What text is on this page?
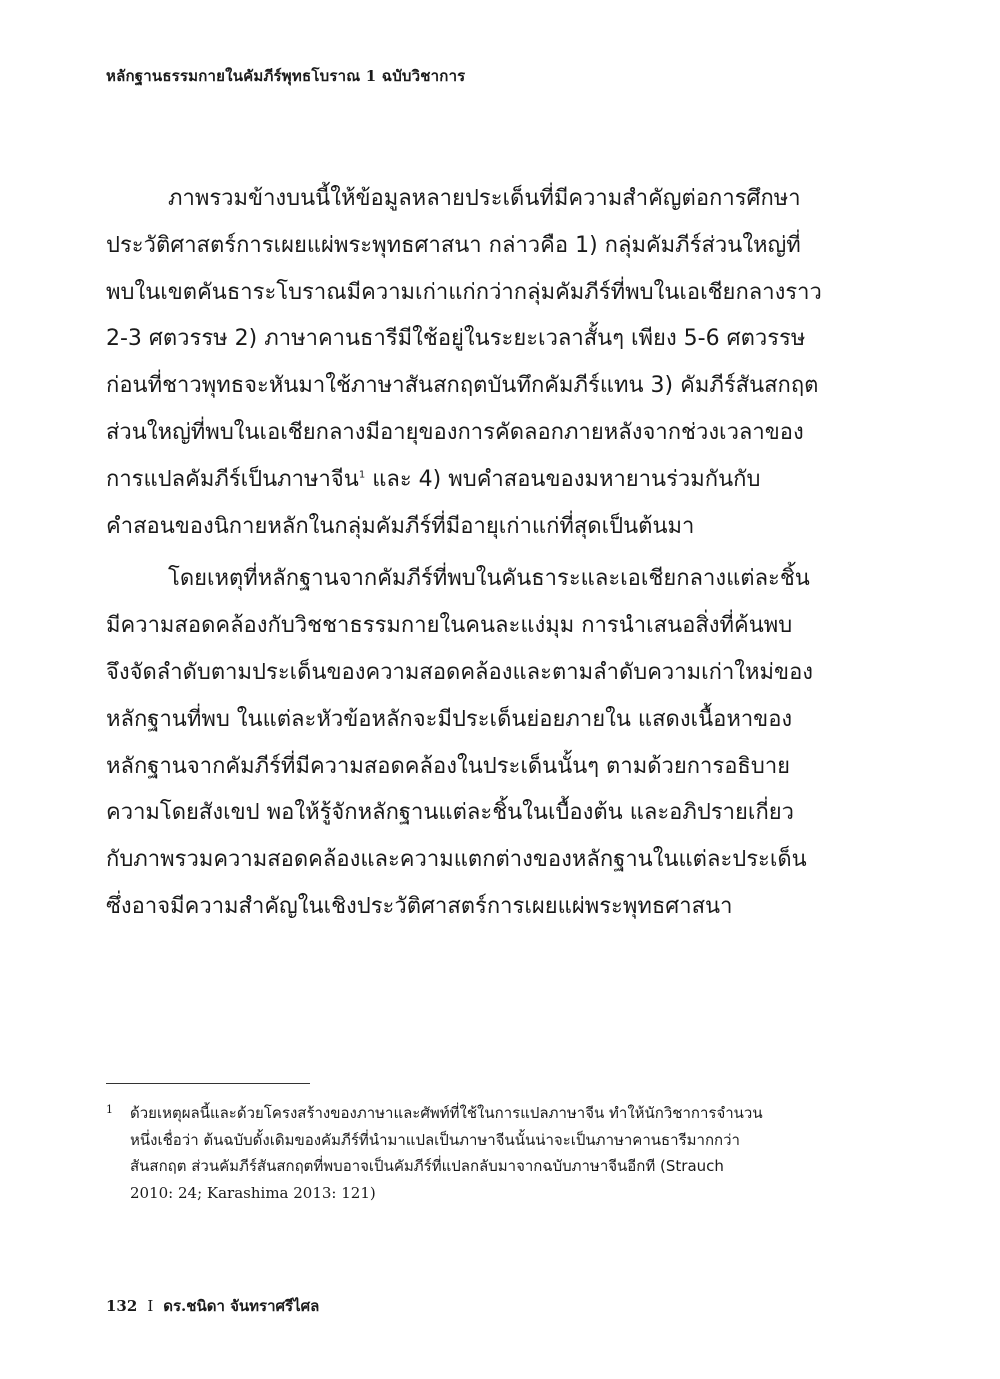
หลักฐานธรรมกายในคัมภีร์พุทธโบราณ 1 ฉบับวิชาการ
ภาพรวมข้างบนนี้ให้ข้อมูลหลายประเด็นที่มีความสำคัญต่อการศึกษา
ประวัติศาสตร์การเผยแผ่พระพุทธศาสนา กล่าวคือ 1) กลุ่มคัมภีร์ส่วนใหญ่ที่
พบในเขตคันธาระโบราณมีความเก่าแก่กว่ากลุ่มคัมภีร์ที่พบในเอเชียกลางราว
2-3 ศตวรรษ 2) ภาษาคานธารีมีใช้อยู่ในระยะเวลาสั้นๆ เพียง 5-6 ศตวรรษ
ก่อนที่ชาวพุทธจะหันมาใช้ภาษาสันสกฤตบันทึกคัมภีร์แทน 3) คัมภีร์สันสกฤต
ส่วนใหญ่ที่พบในเอเชียกลางมีอายุของการคัดลอกภายหลังจากช่วงเวลาของ
การแปลคัมภีร์เป็นภาษาจีน$^1$ และ 4) พบคำสอนของมหายานร่วมกันกับ
คำสอนของนิกายหลักในกลุ่มคัมภีร์ที่มีอายุเก่าแก่ที่สุดเป็นต้นมา
โดยเหตุที่หลักฐานจากคัมภีร์ที่พบในคันธาระและเอเชียกลางแต่ละชิ้น
มีความสอดคล้องกับวิชชาธรรมกายในคนละแง่มุม การนำเสนอสิ่งที่ค้นพบ
จึงจัดลำดับตามประเด็นของความสอดคล้องและตามลำดับความเก่าใหม่ของ
หลักฐานที่พบ ในแต่ละหัวข้อหลักจะมีประเด็นย่อยภายใน แสดงเนื้อหาของ
หลักฐานจากคัมภีร์ที่มีความสอดคล้องในประเด็นนั้นๆ ตามด้วยการอธิบาย
ความโดยสังเขป พอให้รู้จักหลักฐานแต่ละชิ้นในเบื้องต้น และอภิปรายเกี่ยว
กับภาพรวมความสอดคล้องและความแตกต่างของหลักฐานในแต่ละประเด็น
ซึ่งอาจมีความสำคัญในเชิงประวัติศาสตร์การเผยแผ่พระพุทธศาสนา
1 ด้วยเหตุผลนี้และด้วยโครงสร้างของภาษาและศัพท์ที่ใช้ในการแปลภาษาจีน ทำให้นักวิชาการจำนวน
หนึ่งเชื่อว่า ต้นฉบับดั้งเดิมของคัมภีร์ที่นำมาแปลเป็นภาษาจีนนั้นน่าจะเป็นภาษาคานธารีมากกว่า
สันสกฤต ส่วนคัมภีร์สันสกฤตที่พบอาจเป็นคัมภีร์ที่แปลกลับมาจากฉบับภาษาจีนอีกที (Strauch
2010: 24; Karashima 2013: 121)
132 I ดร.ชนิดา จันทราศรีไศล
